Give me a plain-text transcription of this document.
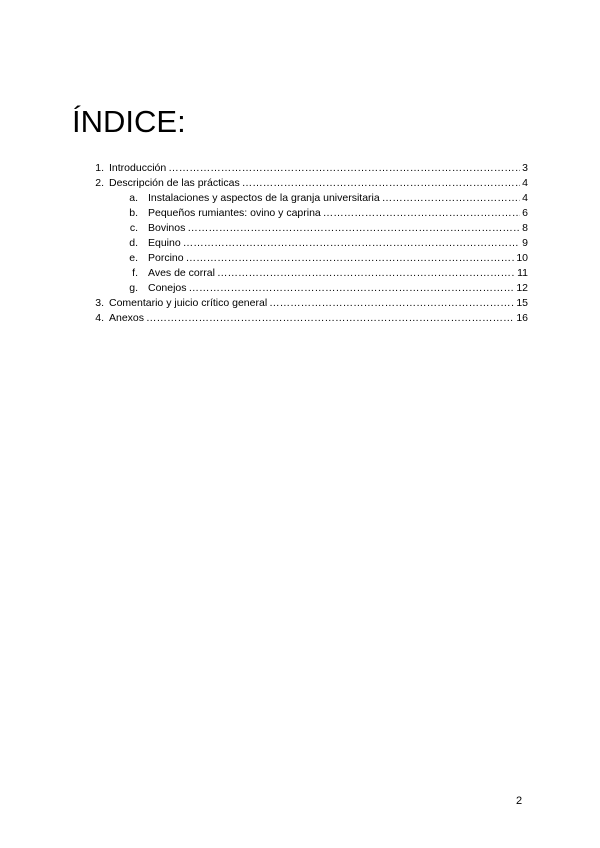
ÍNDICE:
1. Introducción ………………………………………………………………………………………………………………………………………………………	3
2. Descripción de las prácticas ………………………………………………………………………………………………………………………………………………………	4
a. Instalaciones y aspectos de la granja universitaria ………………………………………………………………………………………………………………………………………………………	4
b. Pequeños rumiantes: ovino y caprina ………………………………………………………………………………………………………………………………………………………	6
c. Bovinos ………………………………………………………………………………………………………………………………………………………	8
d. Equino ………………………………………………………………………………………………………………………………………………………	9
e. Porcino ………………………………………………………………………………………………………………………………………………………	10
f. Aves de corral ………………………………………………………………………………………………………………………………………………………	11
g. Conejos ………………………………………………………………………………………………………………………………………………………	12
3. Comentario y juicio crítico general ………………………………………………………………………………………………………………………………………………………	15
4. Anexos ………………………………………………………………………………………………………………………………………………………	16
2
